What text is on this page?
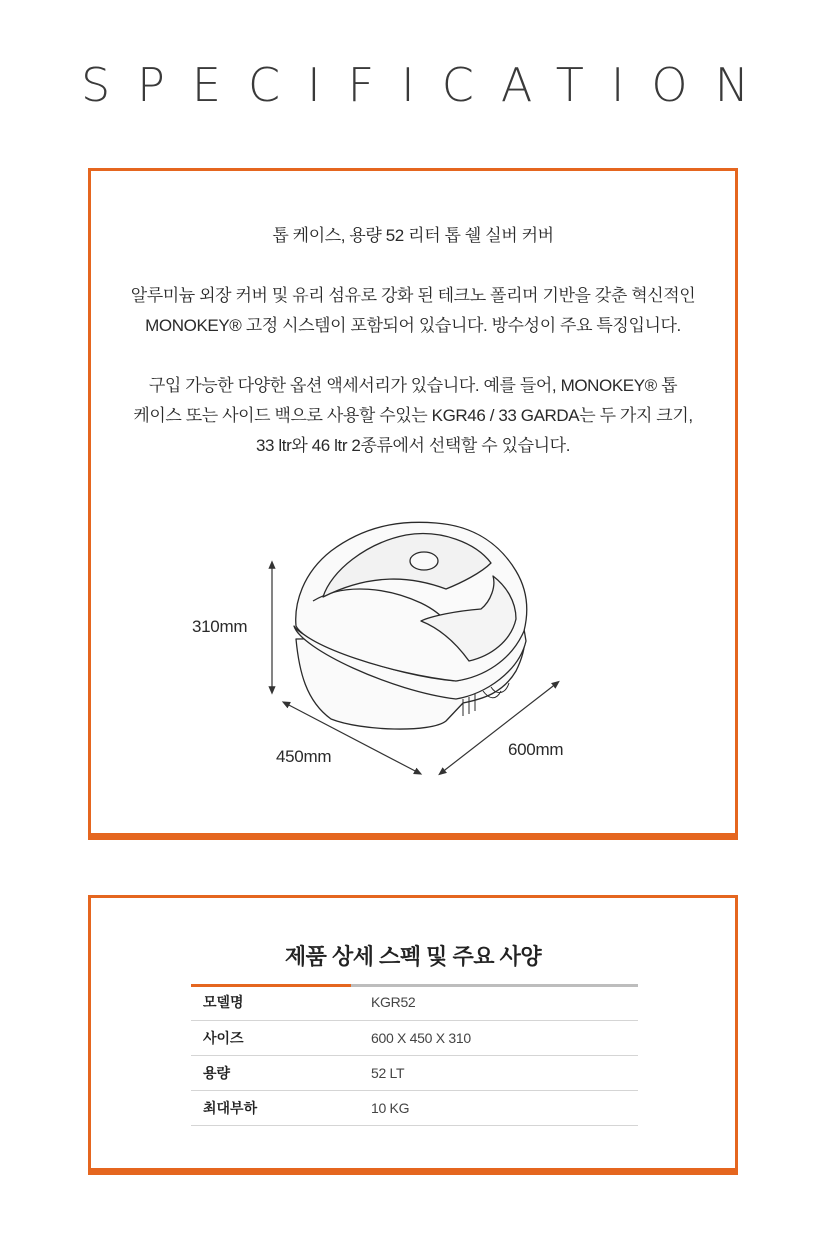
SPECIFICATION

톱 케이스, 용량 52 리터 톱 쉘 실버 커버

알루미늄 외장 커버 및 유리 섬유로 강화 된 테크노 폴리머 기반을 갖춘 혁신적인
MONOKEY® 고정 시스템이 포함되어 있습니다. 방수성이 주요 특징입니다.

구입 가능한 다양한 옵션 액세서리가 있습니다. 예를 들어, MONOKEY® 톱
케이스 또는 사이드 백으로 사용할 수있는 KGR46 / 33 GARDA는 두 가지 크기,
33 ltr와 46 ltr 2종류에서 선택할 수 있습니다.

310mm
450mm	600mm
제품 상세 스펙 및 주요 사양
모델명	KGR52
사이즈	600 X 450 X 310
용량	52 LT
최대부하	10 KG
